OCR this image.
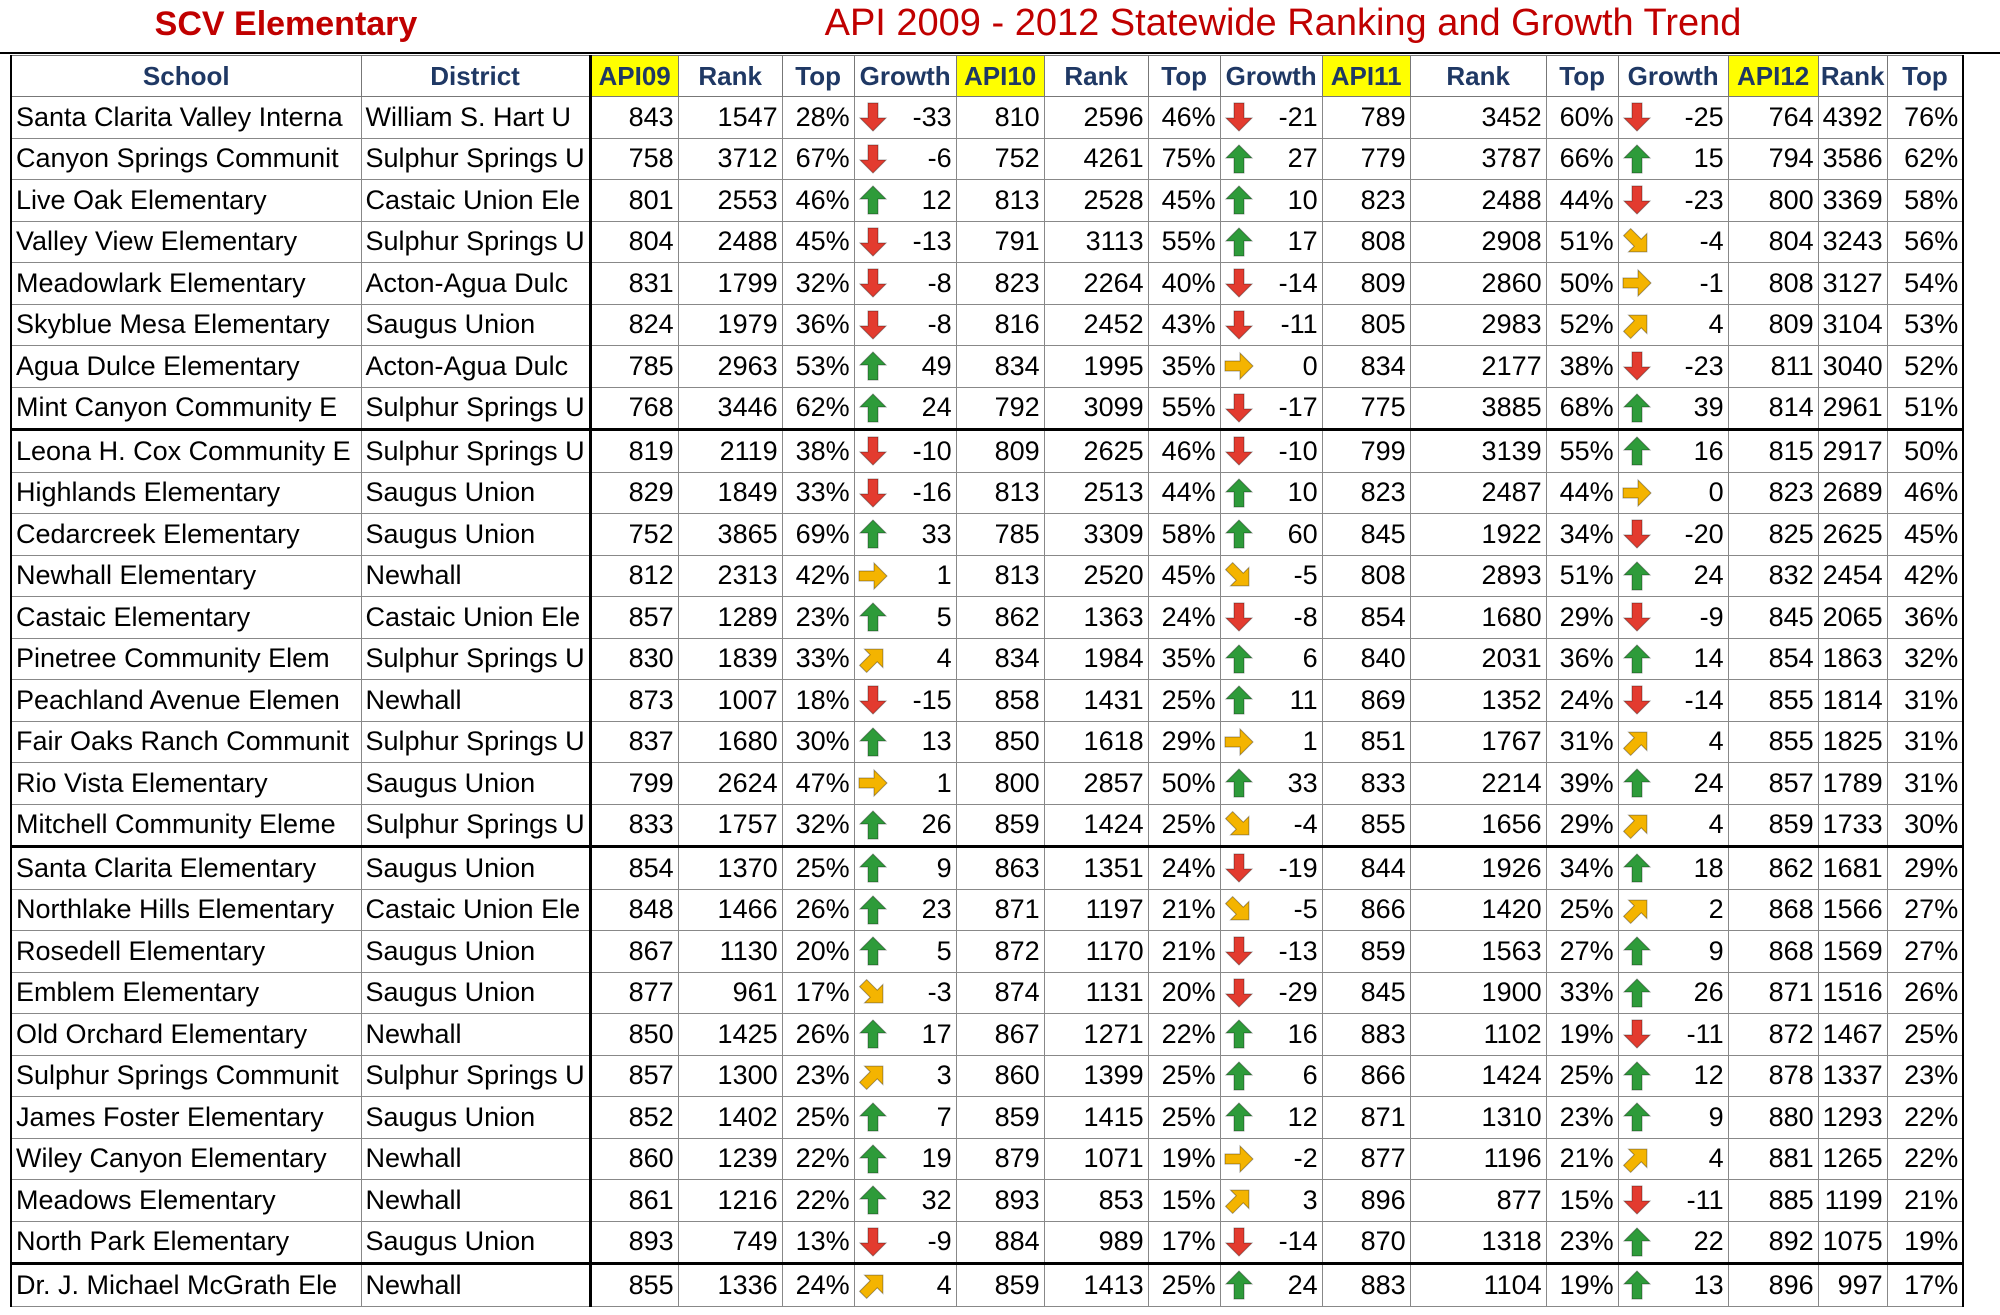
SCV Elementary	API 2009 - 2012 Statewide Ranking and Growth Trend
School	District	API09	Rank	Top	Growth	API10	Rank	Top	Growth	API11	Rank	Top	Growth	API12	Rank	Top
Santa Clarita Valley Interna	William S. Hart U	843	1547	28%	-33	810	2596	46%	-21	789	3452	60%	-25	764	4392	76%
Canyon Springs Communit	Sulphur Springs U	758	3712	67%	-6	752	4261	75%	27	779	3787	66%	15	794	3586	62%
Live Oak Elementary	Castaic Union Ele	801	2553	46%	12	813	2528	45%	10	823	2488	44%	-23	800	3369	58%
Valley View Elementary	Sulphur Springs U	804	2488	45%	-13	791	3113	55%	17	808	2908	51%	-4	804	3243	56%
Meadowlark Elementary	Acton-Agua Dulc	831	1799	32%	-8	823	2264	40%	-14	809	2860	50%	-1	808	3127	54%
Skyblue Mesa Elementary	Saugus Union	824	1979	36%	-8	816	2452	43%	-11	805	2983	52%	4	809	3104	53%
Agua Dulce Elementary	Acton-Agua Dulc	785	2963	53%	49	834	1995	35%	0	834	2177	38%	-23	811	3040	52%
Mint Canyon Community E	Sulphur Springs U	768	3446	62%	24	792	3099	55%	-17	775	3885	68%	39	814	2961	51%
Leona H. Cox Community E	Sulphur Springs U	819	2119	38%	-10	809	2625	46%	-10	799	3139	55%	16	815	2917	50%
Highlands Elementary	Saugus Union	829	1849	33%	-16	813	2513	44%	10	823	2487	44%	0	823	2689	46%
Cedarcreek Elementary	Saugus Union	752	3865	69%	33	785	3309	58%	60	845	1922	34%	-20	825	2625	45%
Newhall Elementary	Newhall	812	2313	42%	1	813	2520	45%	-5	808	2893	51%	24	832	2454	42%
Castaic Elementary	Castaic Union Ele	857	1289	23%	5	862	1363	24%	-8	854	1680	29%	-9	845	2065	36%
Pinetree Community Elem	Sulphur Springs U	830	1839	33%	4	834	1984	35%	6	840	2031	36%	14	854	1863	32%
Peachland Avenue Elemen	Newhall	873	1007	18%	-15	858	1431	25%	11	869	1352	24%	-14	855	1814	31%
Fair Oaks Ranch Communit	Sulphur Springs U	837	1680	30%	13	850	1618	29%	1	851	1767	31%	4	855	1825	31%
Rio Vista Elementary	Saugus Union	799	2624	47%	1	800	2857	50%	33	833	2214	39%	24	857	1789	31%
Mitchell Community Eleme	Sulphur Springs U	833	1757	32%	26	859	1424	25%	-4	855	1656	29%	4	859	1733	30%
Santa Clarita Elementary	Saugus Union	854	1370	25%	9	863	1351	24%	-19	844	1926	34%	18	862	1681	29%
Northlake Hills Elementary	Castaic Union Ele	848	1466	26%	23	871	1197	21%	-5	866	1420	25%	2	868	1566	27%
Rosedell Elementary	Saugus Union	867	1130	20%	5	872	1170	21%	-13	859	1563	27%	9	868	1569	27%
Emblem Elementary	Saugus Union	877	961	17%	-3	874	1131	20%	-29	845	1900	33%	26	871	1516	26%
Old Orchard Elementary	Newhall	850	1425	26%	17	867	1271	22%	16	883	1102	19%	-11	872	1467	25%
Sulphur Springs Communit	Sulphur Springs U	857	1300	23%	3	860	1399	25%	6	866	1424	25%	12	878	1337	23%
James Foster Elementary	Saugus Union	852	1402	25%	7	859	1415	25%	12	871	1310	23%	9	880	1293	22%
Wiley Canyon Elementary	Newhall	860	1239	22%	19	879	1071	19%	-2	877	1196	21%	4	881	1265	22%
Meadows Elementary	Newhall	861	1216	22%	32	893	853	15%	3	896	877	15%	-11	885	1199	21%
North Park Elementary	Saugus Union	893	749	13%	-9	884	989	17%	-14	870	1318	23%	22	892	1075	19%
Dr. J. Michael McGrath Ele	Newhall	855	1336	24%	4	859	1413	25%	24	883	1104	19%	13	896	997	17%
